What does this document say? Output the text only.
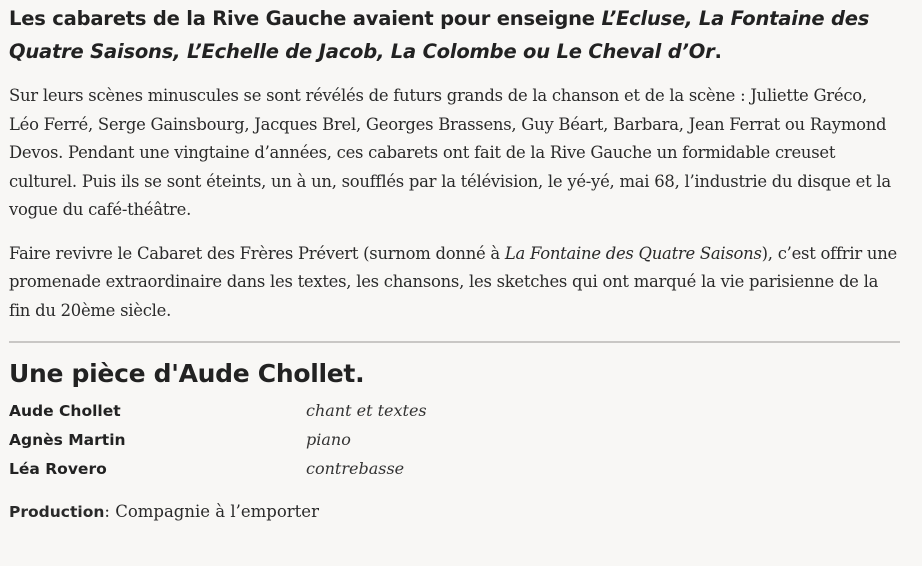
Les cabarets de la Rive Gauche avaient pour enseigne L’Ecluse, La Fontaine des Quatre Saisons, L’Echelle de Jacob, La Colombe ou Le Cheval d’Or.

Sur leurs scènes minuscules se sont révélés de futurs grands de la chanson et de la scène : Juliette Gréco, Léo Ferré, Serge Gainsbourg, Jacques Brel, Georges Brassens, Guy Béart, Barbara, Jean Ferrat ou Raymond Devos. Pendant une vingtaine d’années, ces cabarets ont fait de la Rive Gauche un formidable creuset culturel. Puis ils se sont éteints, un à un, soufflés par la télévision, le yé-yé, mai 68, l’industrie du disque et la vogue du café-théâtre.

Faire revivre le Cabaret des Frères Prévert (surnom donné à La Fontaine des Quatre Saisons), c’est offrir une promenade extraordinaire dans les textes, les chansons, les sketches qui ont marqué la vie parisienne de la fin du 20ème siècle.

Une pièce d'Aude Chollet.
Aude Chollet	chant et textes
Agnès Martin	piano
Léa Rovero	contrebasse
Production: Compagnie à l’emporter
